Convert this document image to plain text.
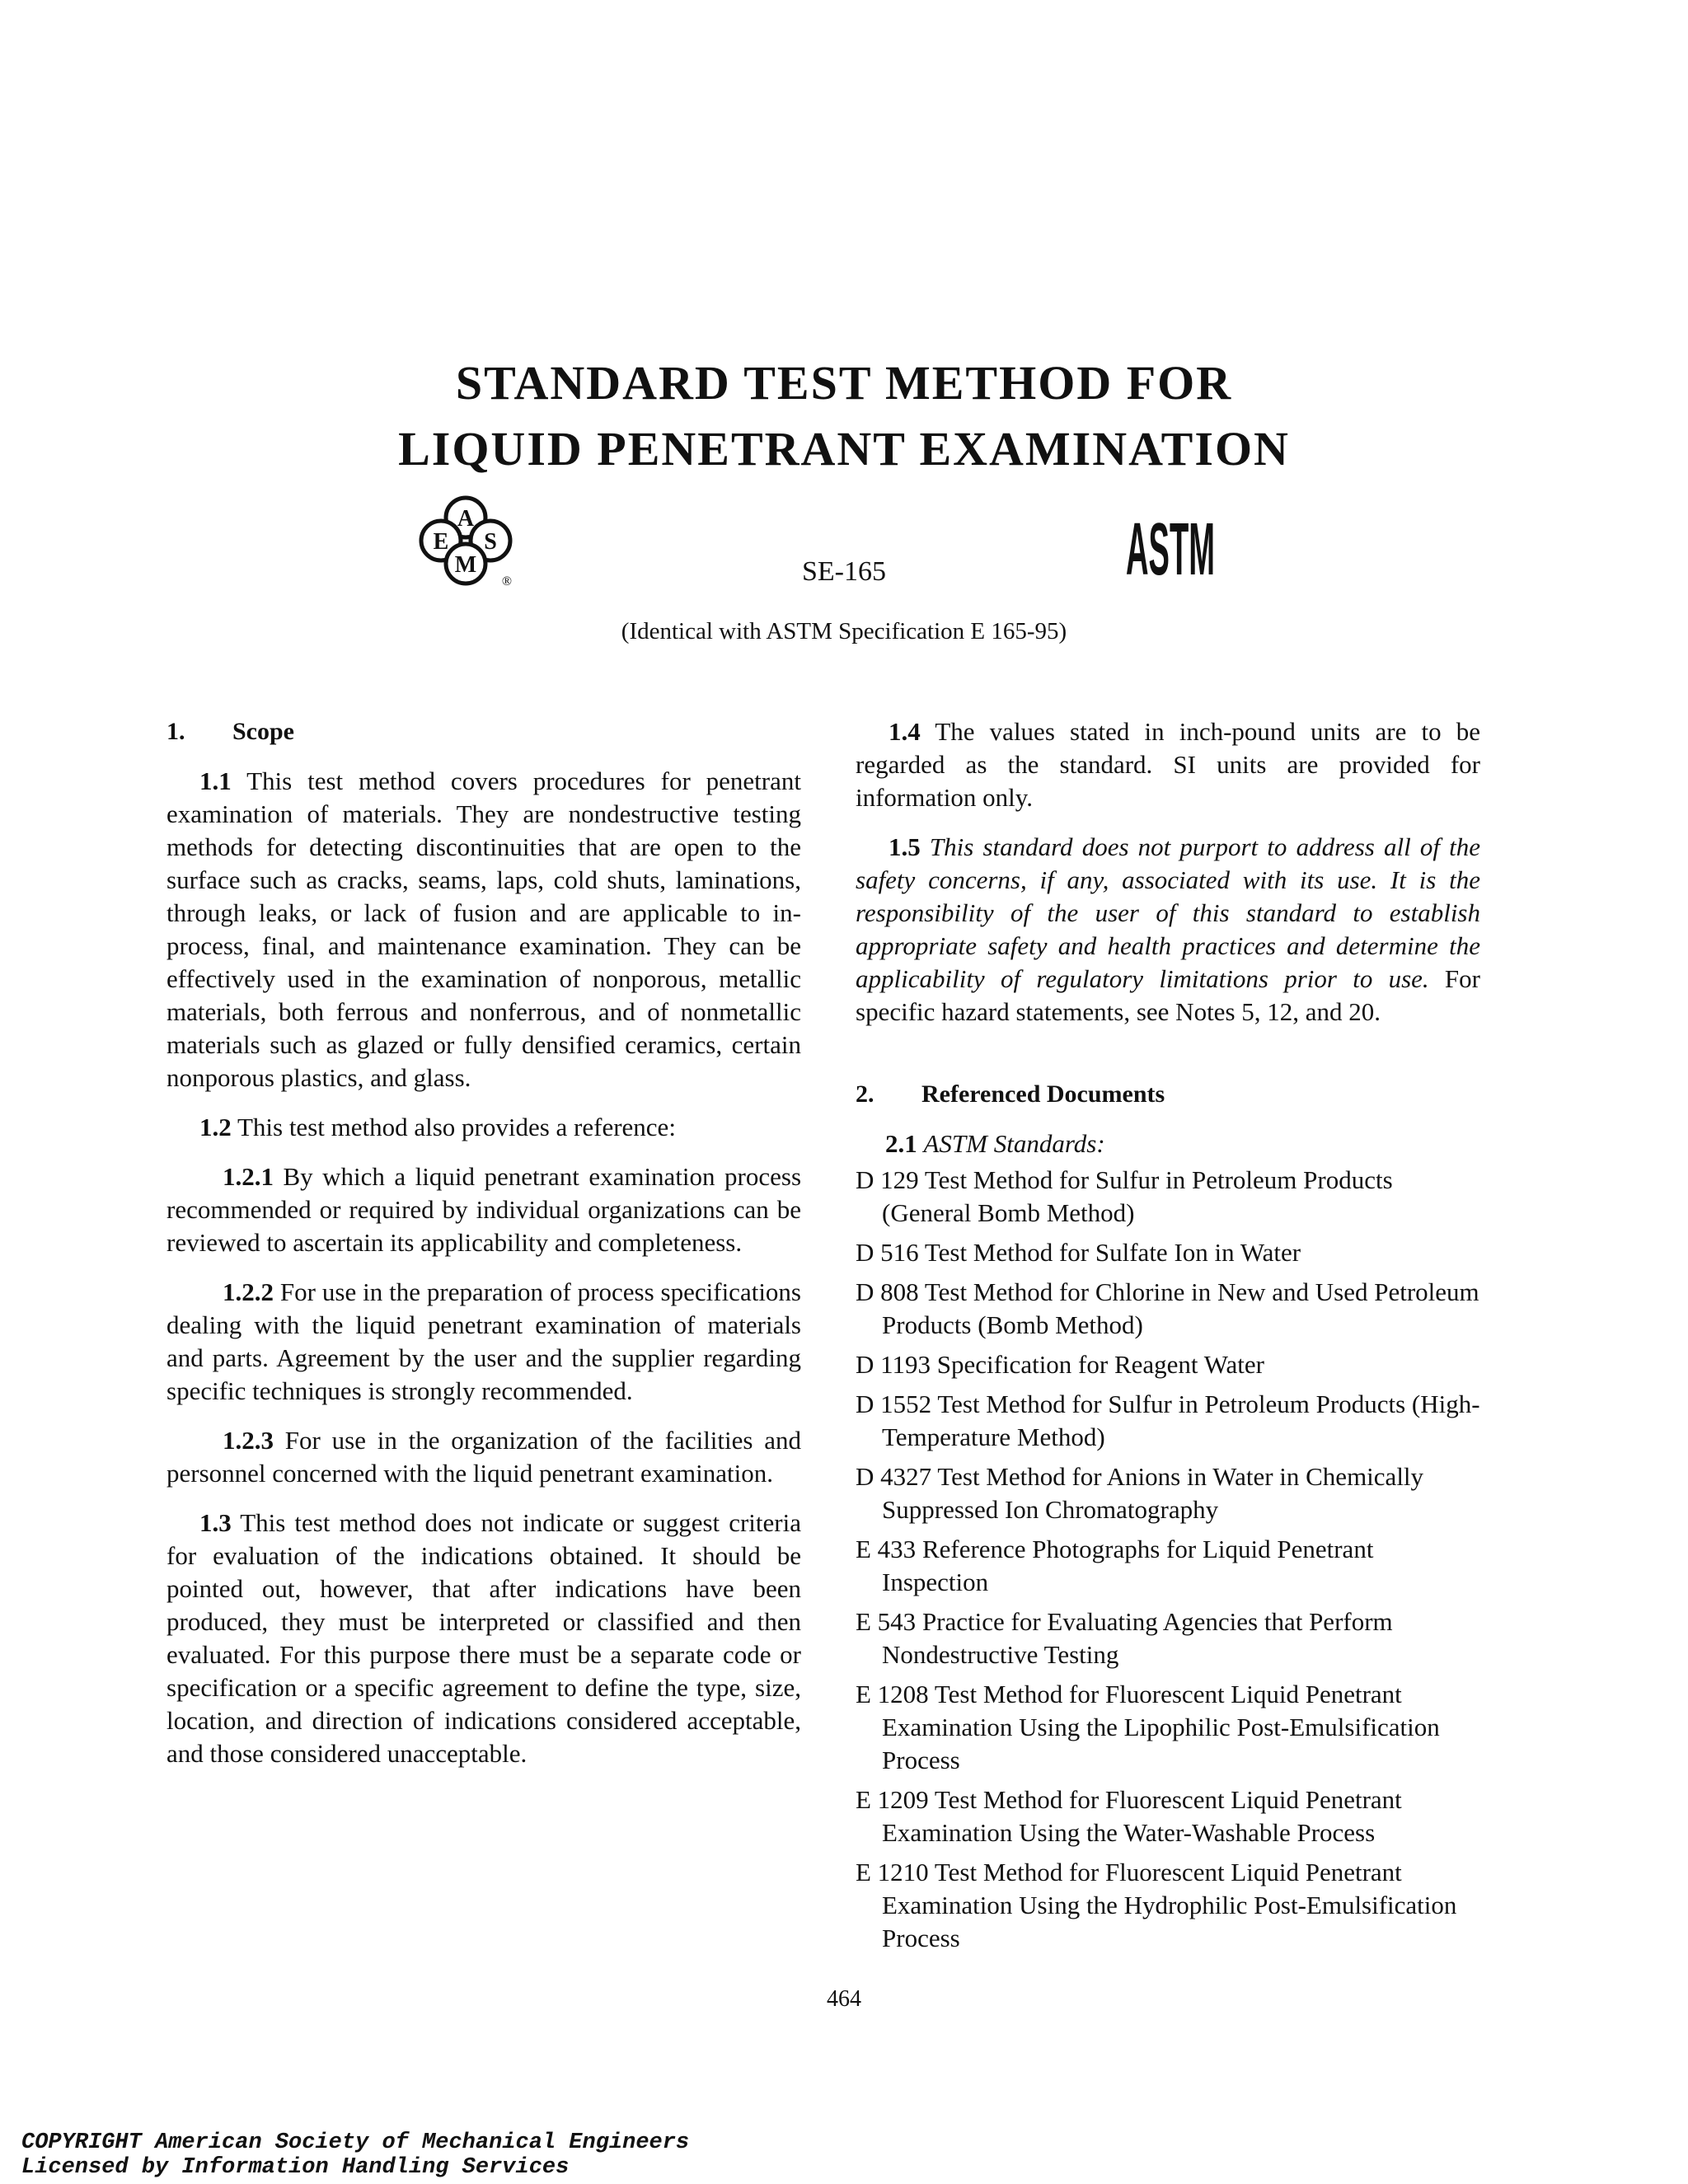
STANDARD TEST METHOD FOR
LIQUID PENETRANT EXAMINATION
A
E S
M
®	ASTM
SE-165
(Identical with ASTM Specification E 165-95)
1. Scope

1.1 This test method covers procedures for penetrant examination of materials. They are nondestructive testing methods for detecting discontinuities that are open to the surface such as cracks, seams, laps, cold shuts, laminations, through leaks, or lack of fusion and are applicable to in-process, final, and maintenance examination. They can be effectively used in the examination of nonporous, metallic materials, both ferrous and nonferrous, and of nonmetallic materials such as glazed or fully densified ceramics, certain nonporous plastics, and glass.

1.2 This test method also provides a reference:

1.2.1 By which a liquid penetrant examination process recommended or required by individual organizations can be reviewed to ascertain its applicability and completeness.

1.2.2 For use in the preparation of process specifications dealing with the liquid penetrant examination of materials and parts. Agreement by the user and the supplier regarding specific techniques is strongly recommended.

1.2.3 For use in the organization of the facilities and personnel concerned with the liquid penetrant examination.

1.3 This test method does not indicate or suggest criteria for evaluation of the indications obtained. It should be pointed out, however, that after indications have been produced, they must be interpreted or classified and then evaluated. For this purpose there must be a separate code or specification or a specific agreement to define the type, size, location, and direction of indications considered acceptable, and those considered unacceptable.

1.4 The values stated in inch-pound units are to be regarded as the standard. SI units are provided for information only.

1.5 This standard does not purport to address all of the safety concerns, if any, associated with its use. It is the responsibility of the user of this standard to establish appropriate safety and health practices and determine the applicability of regulatory limitations prior to use. For specific hazard statements, see Notes 5, 12, and 20.

2. Referenced Documents

2.1 ASTM Standards:

D 129 Test Method for Sulfur in Petroleum Products (General Bomb Method)

D 516 Test Method for Sulfate Ion in Water

D 808 Test Method for Chlorine in New and Used Petroleum Products (Bomb Method)

D 1193 Specification for Reagent Water

D 1552 Test Method for Sulfur in Petroleum Products (High-Temperature Method)

D 4327 Test Method for Anions in Water in Chemically Suppressed Ion Chromatography

E 433 Reference Photographs for Liquid Penetrant Inspection

E 543 Practice for Evaluating Agencies that Perform Nondestructive Testing

E 1208 Test Method for Fluorescent Liquid Penetrant Examination Using the Lipophilic Post-Emulsification Process

E 1209 Test Method for Fluorescent Liquid Penetrant Examination Using the Water-Washable Process

E 1210 Test Method for Fluorescent Liquid Penetrant Examination Using the Hydrophilic Post-Emulsification Process

464
COPYRIGHT American Society of Mechanical Engineers
Licensed by Information Handling Services
